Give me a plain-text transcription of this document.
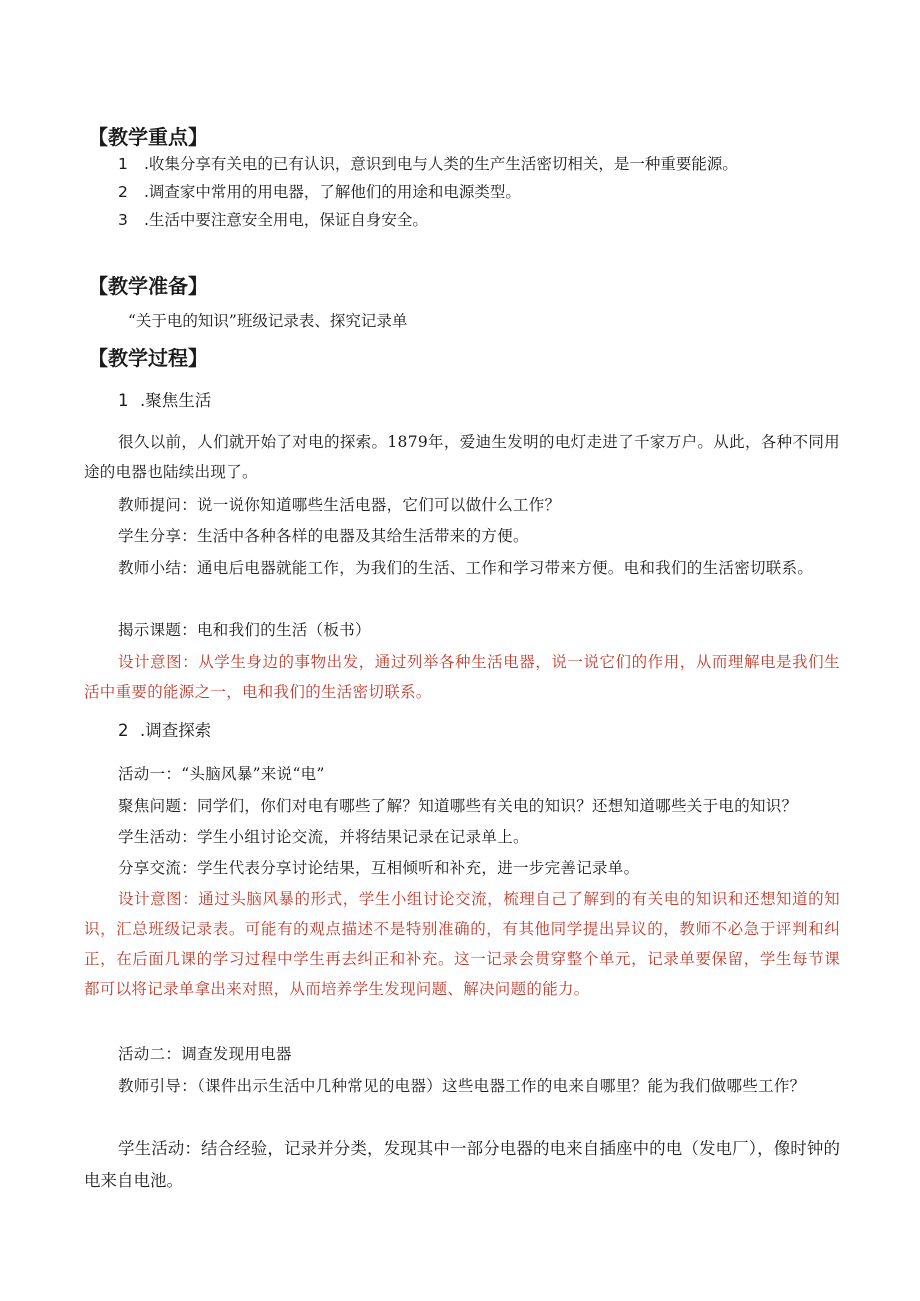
【教学重点】
1 .收集分享有关电的已有认识，意识到电与人类的生产生活密切相关，是一种重要能源。
2 .调查家中常用的用电器，了解他们的用途和电源类型。
3 .生活中要注意安全用电，保证自身安全。
【教学准备】
“关于电的知识”班级记录表、探究记录单
【教学过程】
1 .聚焦生活
很久以前，人们就开始了对电的探索。1879年，爱迪生发明的电灯走进了千家万户。从此，各种不同用途的电器也陆续出现了。
教师提问：说一说你知道哪些生活电器，它们可以做什么工作？
学生分享：生活中各种各样的电器及其给生活带来的方便。
教师小结：通电后电器就能工作，为我们的生活、工作和学习带来方便。电和我们的生活密切联系。
揭示课题：电和我们的生活（板书）
设计意图：从学生身边的事物出发，通过列举各种生活电器，说一说它们的作用，从而理解电是我们生活中重要的能源之一，电和我们的生活密切联系。
2 .调查探索
活动一：“头脑风暴”来说“电”
聚焦问题：同学们，你们对电有哪些了解？知道哪些有关电的知识？还想知道哪些关于电的知识？
学生活动：学生小组讨论交流，并将结果记录在记录单上。
分享交流：学生代表分享讨论结果，互相倾听和补充，进一步完善记录单。
设计意图：通过头脑风暴的形式，学生小组讨论交流，梳理自己了解到的有关电的知识和还想知道的知识，汇总班级记录表。可能有的观点描述不是特别准确的，有其他同学提出异议的，教师不必急于评判和纠正，在后面几课的学习过程中学生再去纠正和补充。这一记录会贯穿整个单元，记录单要保留，学生每节课都可以将记录单拿出来对照，从而培养学生发现问题、解决问题的能力。
活动二：调查发现用电器
教师引导：（课件出示生活中几种常见的电器）这些电器工作的电来自哪里？能为我们做哪些工作？
学生活动：结合经验，记录并分类，发现其中一部分电器的电来自插座中的电（发电厂），像时钟的电来自电池。
